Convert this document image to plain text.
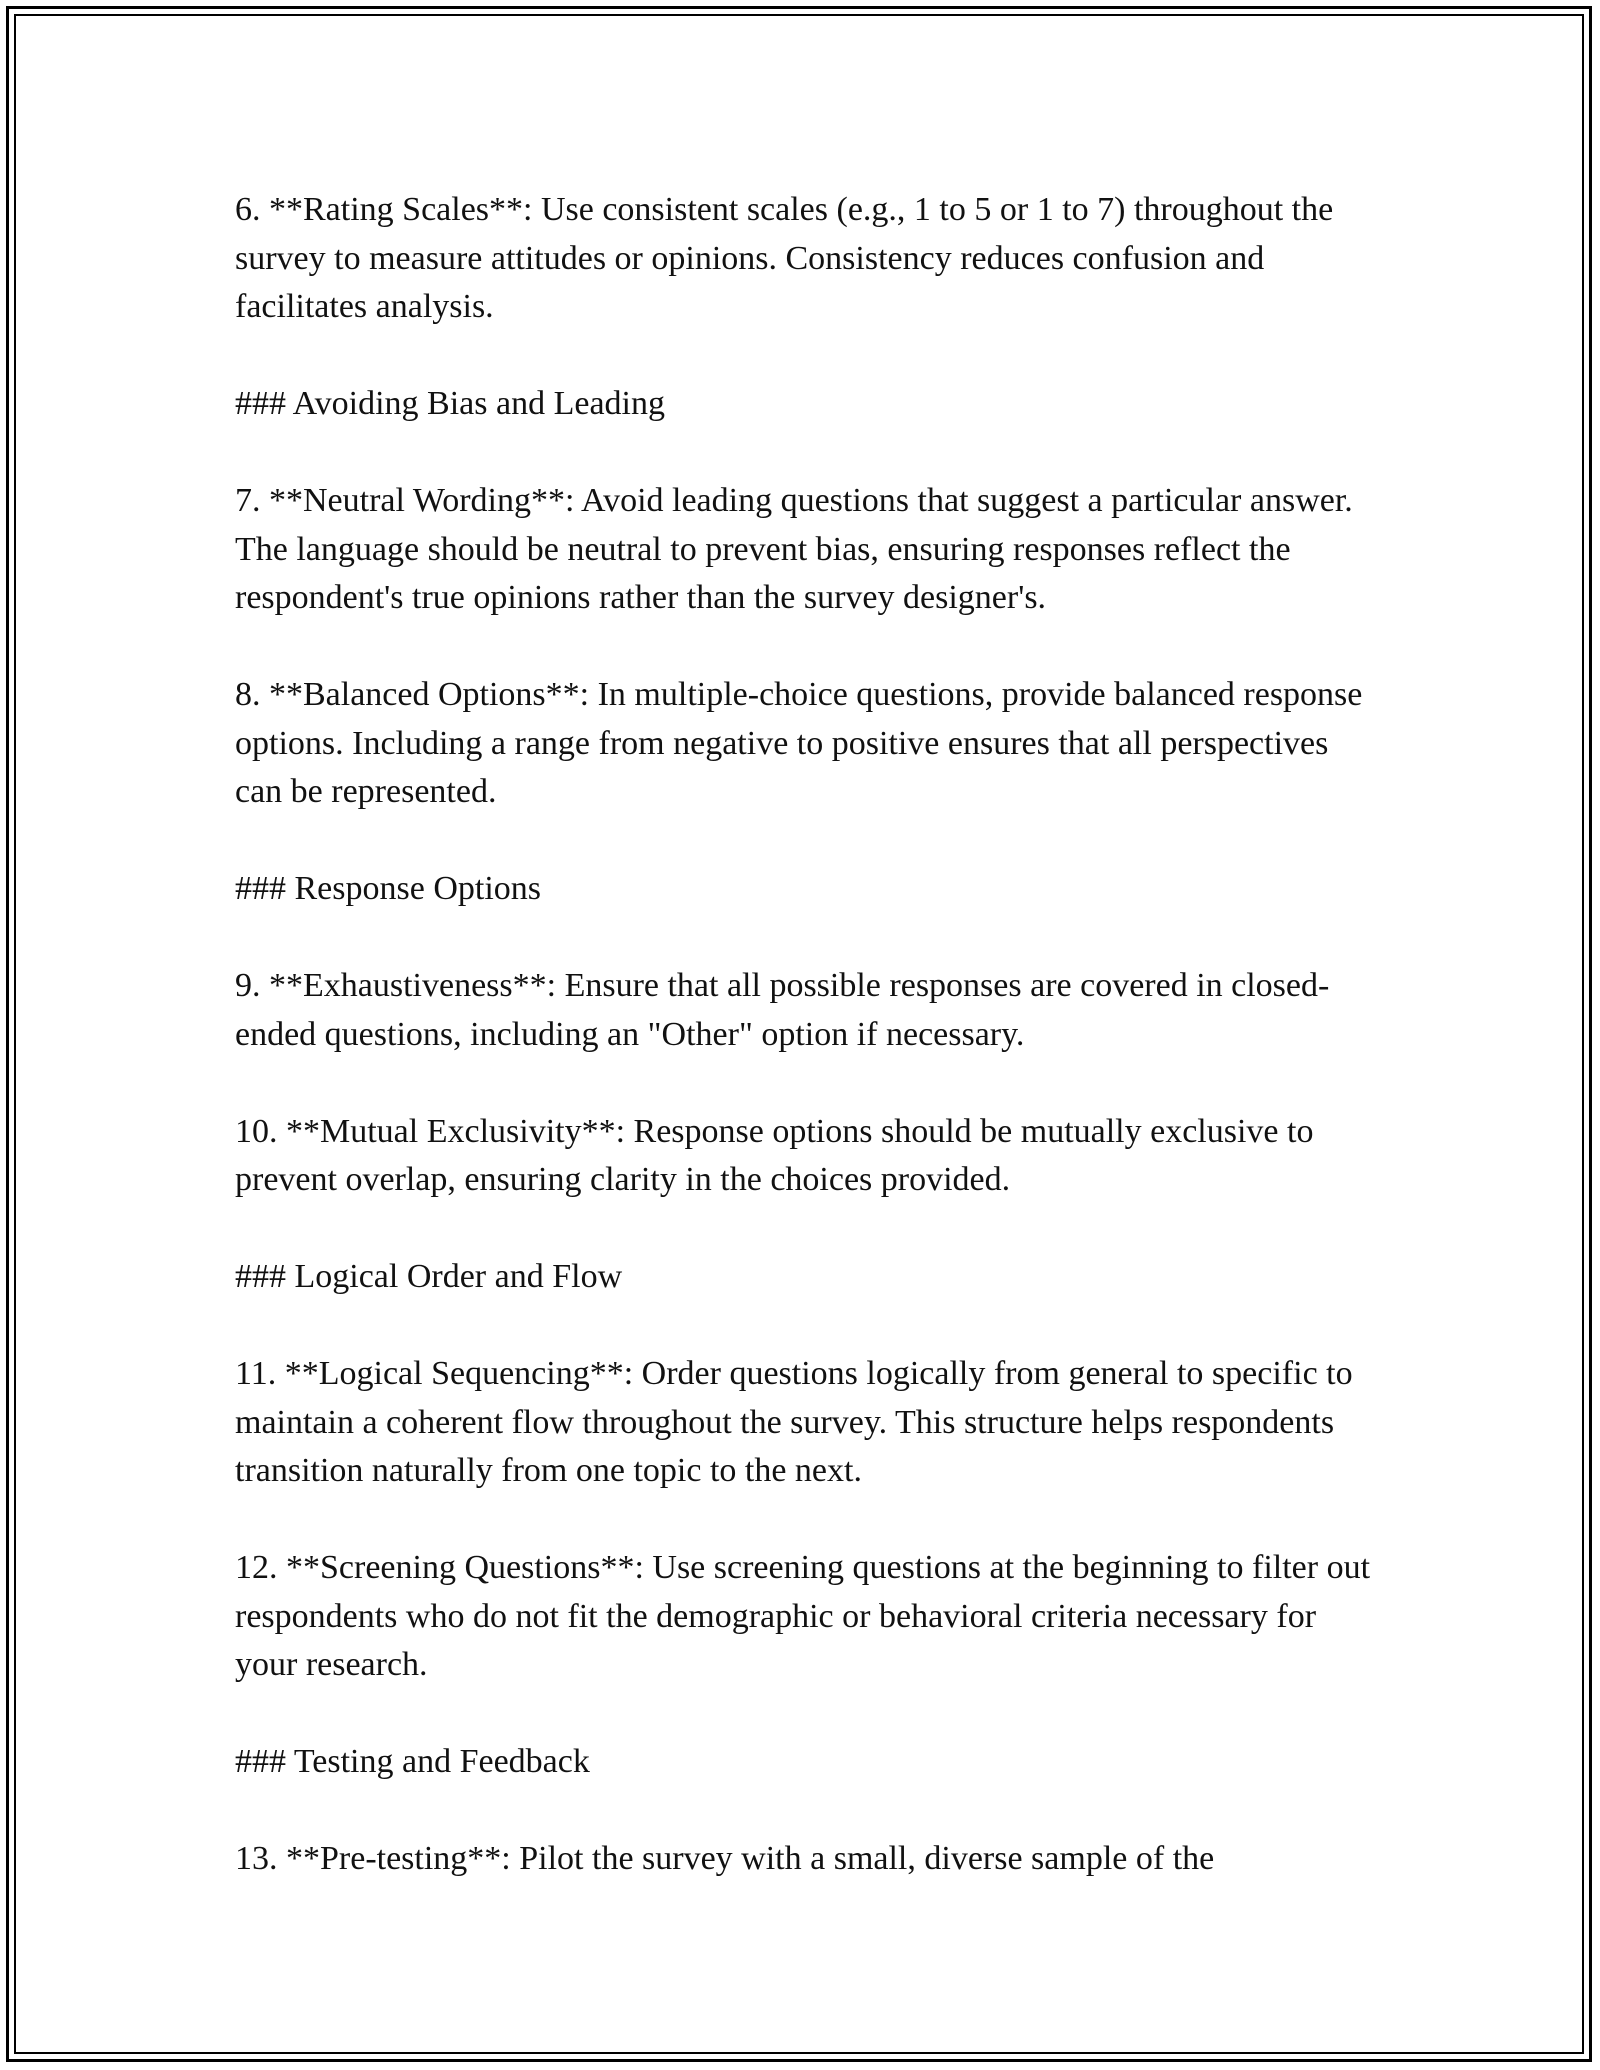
6. **Rating Scales**: Use consistent scales (e.g., 1 to 5 or 1 to 7) throughout the survey to measure attitudes or opinions. Consistency reduces confusion and facilitates analysis.

### Avoiding Bias and Leading

7. **Neutral Wording**: Avoid leading questions that suggest a particular answer. The language should be neutral to prevent bias, ensuring responses reflect the respondent's true opinions rather than the survey designer's.

8. **Balanced Options**: In multiple-choice questions, provide balanced response options. Including a range from negative to positive ensures that all perspectives can be represented.

### Response Options

9. **Exhaustiveness**: Ensure that all possible responses are covered in closed-ended questions, including an "Other" option if necessary.

10. **Mutual Exclusivity**: Response options should be mutually exclusive to prevent overlap, ensuring clarity in the choices provided.

### Logical Order and Flow

11. **Logical Sequencing**: Order questions logically from general to specific to maintain a coherent flow throughout the survey. This structure helps respondents transition naturally from one topic to the next.

12. **Screening Questions**: Use screening questions at the beginning to filter out respondents who do not fit the demographic or behavioral criteria necessary for your research.

### Testing and Feedback

13. **Pre-testing**: Pilot the survey with a small, diverse sample of the
